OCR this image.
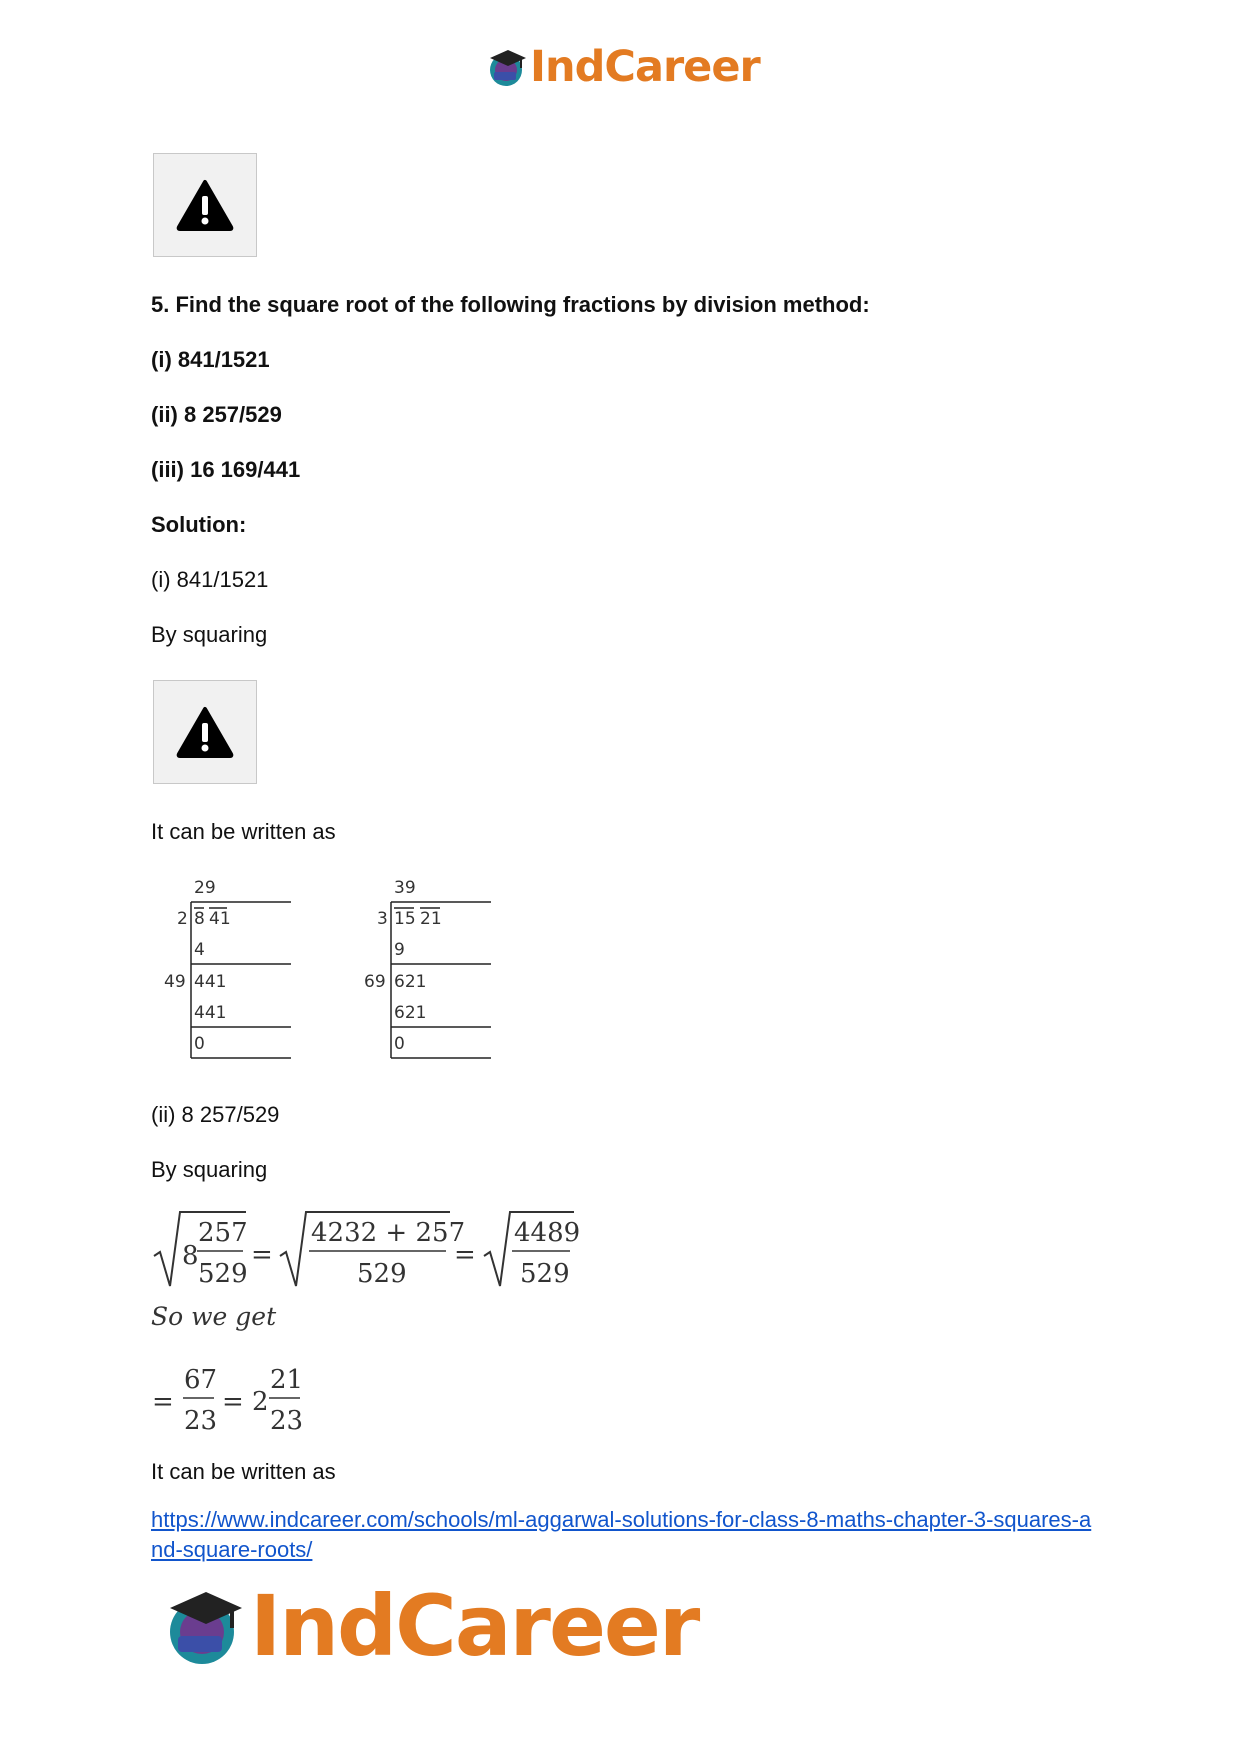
IndCareer
5. Find the square root of the following fractions by division method:
(i) 841/1521
(ii) 8 257/529
(iii) 16 169/441
Solution:
(i) 841/1521
By squaring
It can be written as
29
2 8 41
4
49 441
441
0
39
3 15 21
9
69 621
621
0
(ii) 8 257/529
By squaring
8
257
529
=
4232 + 257
529
=
4489
529
So we get
=
67
23
= 2
21
23
It can be written as
https://www.indcareer.com/schools/ml-aggarwal-solutions-for-class-8-maths-chapter-3-squares-and-square-roots/
IndCareer
